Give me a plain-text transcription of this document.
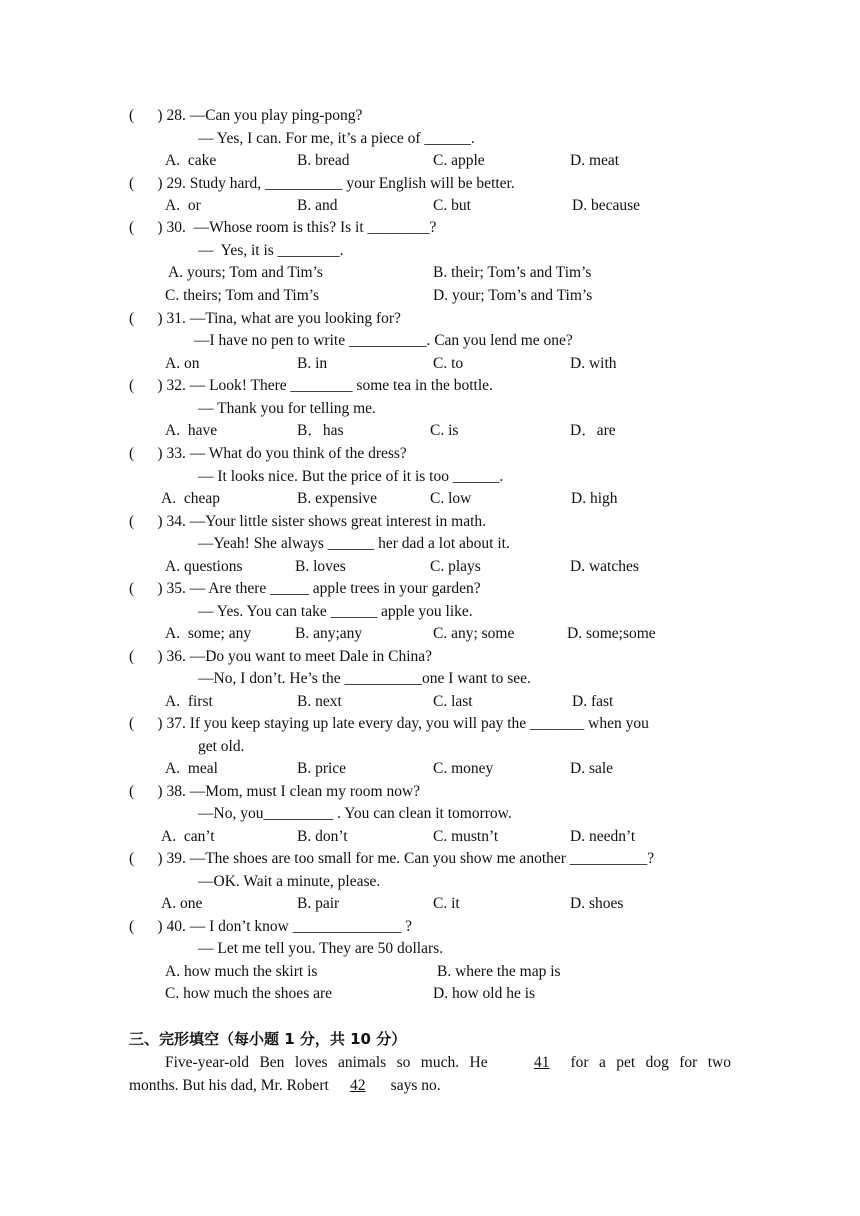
(      ) 28. —Can you play ping-pong?
— Yes, I can. For me, it’s a piece of ______.
A.  cake	B. bread	C. apple	D. meat
(      ) 29. Study hard, __________ your English will be better.
A.  or	B. and	C. but	D. because
(      ) 30.  —Whose room is this? Is it ________?
—  Yes, it is ________.
A. yours; Tom and Tim’s	B. their; Tom’s and Tim’s
C. theirs; Tom and Tim’s	D. your; Tom’s and Tim’s
(      ) 31. —Tina, what are you looking for?
—I have no pen to write __________. Can you lend me one?
A. on	B. in	C. to	D. with
(      ) 32. — Look! There ________ some tea in the bottle.
— Thank you for telling me.
A.  have	B．has	C. is	D．are
(      ) 33. — What do you think of the dress?
— It looks nice. But the price of it is too ______.
A.  cheap	B. expensive	C. low	D. high
(      ) 34. —Your little sister shows great interest in math.
—Yeah! She always ______ her dad a lot about it.
A. questions	B. loves	C. plays	D. watches
(      ) 35. — Are there _____ apple trees in your garden?
— Yes. You can take ______ apple you like.
A.  some; any	B. any;any	C. any; some	D. some;some
(      ) 36. —Do you want to meet Dale in China?
—No, I don’t. He’s the __________one I want to see.
A.  first	B. next	C. last	D. fast
(      ) 37. If you keep staying up late every day, you will pay the _______ when you
get old.
A.  meal	B. price	C. money	D. sale
(      ) 38. —Mom, must I clean my room now?
—No, you_________ . You can clean it tomorrow.
A.  can’t	B. don’t	C. mustn’t	D. needn’t
(      ) 39. —The shoes are too small for me. Can you show me another __________?
—OK. Wait a minute, please.
A. one	B. pair	C. it	D. shoes
(      ) 40. — I don’t know ______________ ?
— Let me tell you. They are 50 dollars.
A. how much the skirt is	B. where the map is
C. how much the shoes are	D. how old he is
三、完形填空（每小题 1 分，共 10 分）
Five-year-old Ben loves animals so much. He 41 for a pet dog for two
months. But his dad, Mr. Robert 42 says no.
